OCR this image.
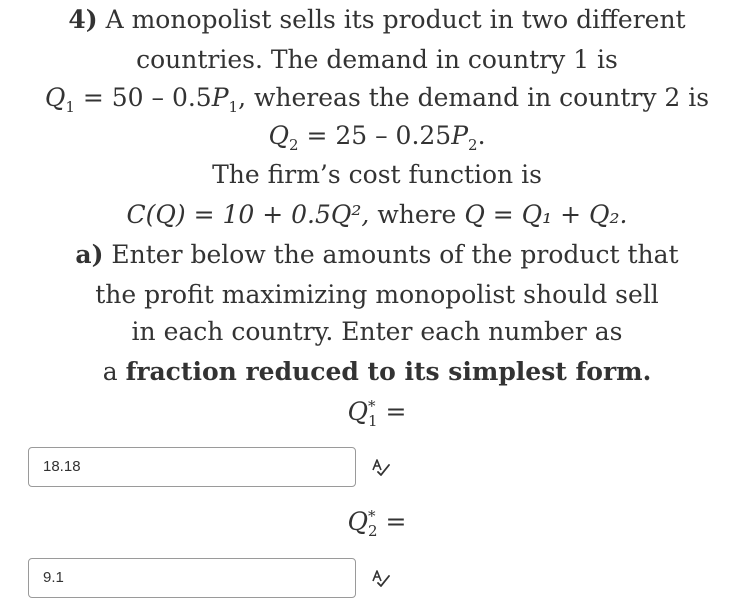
4) A monopolist sells its product in two different
countries. The demand in country 1 is
$Q_1 = 50 - 0.5P_1$, whereas the demand in country 2 is
$Q_2 = 25 - 0.25P_2$.
The firm’s cost function is
C(Q) = 10 + 0.5Q², where Q = Q₁ + Q₂.
a) Enter below the amounts of the product that
the profit maximizing monopolist should sell
in each country. Enter each number as
a fraction reduced to its simplest form.
Q *
1 =
18.18
Q *
2 =
9.1
